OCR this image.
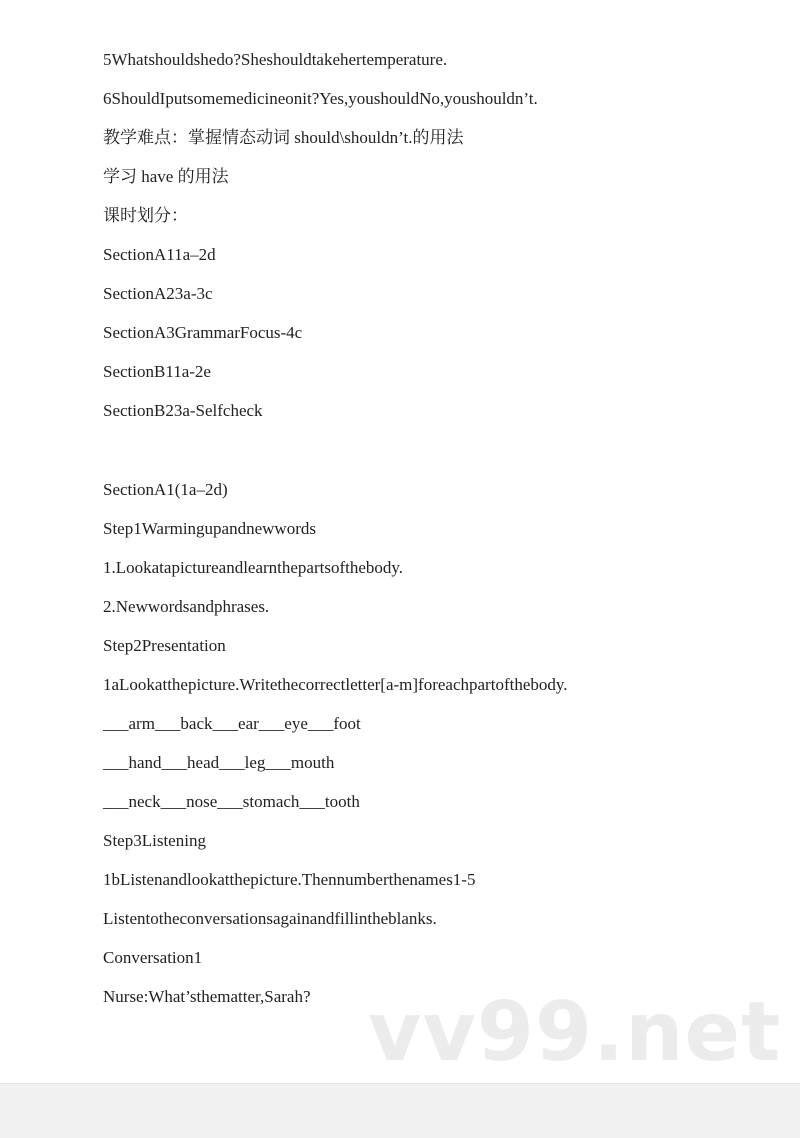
5Whatshouldshedo?Sheshouldtakehertemperature.

6ShouldIputsomemedicineonit?Yes,youshouldNo,youshouldn’t.

教学难点：掌握情态动词 should\shouldn’t.的用法

学习 have 的用法

课时划分：

SectionA11a–2d

SectionA23a-3c

SectionA3GrammarFocus-4c

SectionB11a-2e

SectionB23a-Selfcheck

SectionA1(1a–2d)

Step1Warmingupandnewwords

1.Lookatapictureandlearnthepartsofthebody.

2.Newwordsandphrases.

Step2Presentation

1aLookatthepicture.Writethecorrectletter[a-m]foreachpartofthebody.

___arm___back___ear___eye___foot

___hand___head___leg___mouth

___neck___nose___stomach___tooth

Step3Listening

1bListenandlookatthepicture.Thennumberthenames1-5

Listentotheconversationsagainandfillintheblanks.

Conversation1

Nurse:What’sthematter,Sarah? vv99.net
